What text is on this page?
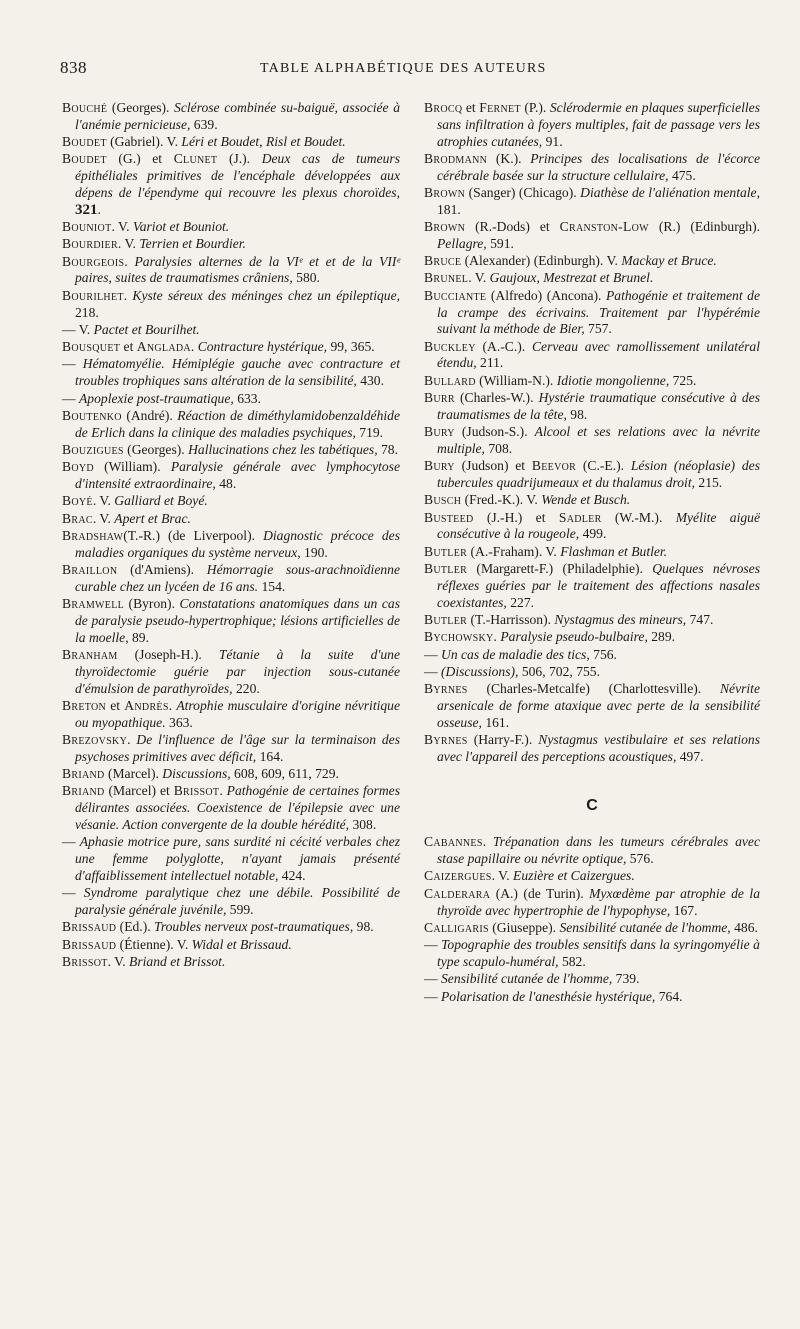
838	TABLE ALPHABÉTIQUE DES AUTEURS

Bouché (Georges). Sclérose combinée su-baiguë, associée à l'anémie pernicieuse, 639.

Boudet (Gabriel). V. Léri et Boudet, Risl et Boudet.

Boudet (G.) et Clunet (J.). Deux cas de tumeurs épithéliales primitives de l'encéphale développées aux dépens de l'épendyme qui recouvre les plexus choroïdes, 321.

Bouniot. V. Variot et Bouniot.

Bourdier. V. Terrien et Bourdier.

Bourgeois. Paralysies alternes de la VIᵉ et et de la VIIᵉ paires, suites de traumatismes crâniens, 580.

Bourilhet. Kyste séreux des méninges chez un épileptique, 218.

— V. Pactet et Bourilhet.

Bousquet et Anglada. Contracture hystérique, 99, 365.

— Hématomyélie. Hémiplégie gauche avec contracture et troubles trophiques sans altération de la sensibilité, 430.

— Apoplexie post-traumatique, 633.

Boutenko (André). Réaction de diméthylamidobenzaldéhide de Erlich dans la clinique des maladies psychiques, 719.

Bouzigues (Georges). Hallucinations chez les tabétiques, 78.

Boyd (William). Paralysie générale avec lymphocytose d'intensité extraordinaire, 48.

Boyé. V. Galliard et Boyé.

Brac. V. Apert et Brac.

Bradshaw(T.-R.) (de Liverpool). Diagnostic précoce des maladies organiques du système nerveux, 190.

Braillon (d'Amiens). Hémorragie sous-arachnoïdienne curable chez un lycéen de 16 ans. 154.

Bramwell (Byron). Constatations anatomiques dans un cas de paralysie pseudo-hypertrophique; lésions artificielles de la moelle, 89.

Branham (Joseph-H.). Tétanie à la suite d'une thyroïdectomie guérie par injection sous-cutanée d'émulsion de parathyroïdes, 220.

Breton et Andrès. Atrophie musculaire d'origine névritique ou myopathique. 363.

Brezovsky. De l'influence de l'âge sur la terminaison des psychoses primitives avec déficit, 164.

Briand (Marcel). Discussions, 608, 609, 611, 729.

Briand (Marcel) et Brissot. Pathogénie de certaines formes délirantes associées. Coexistence de l'épilepsie avec une vésanie. Action convergente de la double hérédité, 308.

— Aphasie motrice pure, sans surdité ni cécité verbales chez une femme polyglotte, n'ayant jamais présenté d'affaiblissement intellectuel notable, 424.

— Syndrome paralytique chez une débile. Possibilité de paralysie générale juvénile, 599.

Brissaud (Ed.). Troubles nerveux post-traumatiques, 98.

Brissaud (Étienne). V. Widal et Brissaud.

Brissot. V. Briand et Brissot.

Brocq et Fernet (P.). Sclérodermie en plaques superficielles sans infiltration à foyers multiples, fait de passage vers les atrophies cutanées, 91.

Brodmann (K.). Principes des localisations de l'écorce cérébrale basée sur la structure cellulaire, 475.

Brown (Sanger) (Chicago). Diathèse de l'aliénation mentale, 181.

Brown (R.-Dods) et Cranston-Low (R.) (Edinburgh). Pellagre, 591.

Bruce (Alexander) (Edinburgh). V. Mackay et Bruce.

Brunel. V. Gaujoux, Mestrezat et Brunel.

Bucciante (Alfredo) (Ancona). Pathogénie et traitement de la crampe des écrivains. Traitement par l'hypérémie suivant la méthode de Bier, 757.

Buckley (A.-C.). Cerveau avec ramollissement unilatéral étendu, 211.

Bullard (William-N.). Idiotie mongolienne, 725.

Burr (Charles-W.). Hystérie traumatique consécutive à des traumatismes de la tête, 98.

Bury (Judson-S.). Alcool et ses relations avec la névrite multiple, 708.

Bury (Judson) et Beevor (C.-E.). Lésion (néoplasie) des tubercules quadrijumeaux et du thalamus droit, 215.

Busch (Fred.-K.). V. Wende et Busch.

Busteed (J.-H.) et Sadler (W.-M.). Myélite aiguë consécutive à la rougeole, 499.

Butler (A.-Fraham). V. Flashman et Butler.

Butler (Margarett-F.) (Philadelphie). Quelques névroses réflexes guéries par le traitement des affections nasales coexistantes, 227.

Butler (T.-Harrisson). Nystagmus des mineurs, 747.

Bychowsky. Paralysie pseudo-bulbaire, 289.

— Un cas de maladie des tics, 756.

— (Discussions), 506, 702, 755.

Byrnes (Charles-Metcalfe) (Charlottesville). Névrite arsenicale de forme ataxique avec perte de la sensibilité osseuse, 161.

Byrnes (Harry-F.). Nystagmus vestibulaire et ses relations avec l'appareil des perceptions acoustiques, 497.

C

Cabannes. Trépanation dans les tumeurs cérébrales avec stase papillaire ou névrite optique, 576.

Caizergues. V. Euzière et Caizergues.

Calderara (A.) (de Turin). Myxœdème par atrophie de la thyroïde avec hypertrophie de l'hypophyse, 167.

Calligaris (Giuseppe). Sensibilité cutanée de l'homme, 486.

— Topographie des troubles sensitifs dans la syringomyélie à type scapulo-huméral, 582.

— Sensibilité cutanée de l'homme, 739.

— Polarisation de l'anesthésie hystérique, 764.
